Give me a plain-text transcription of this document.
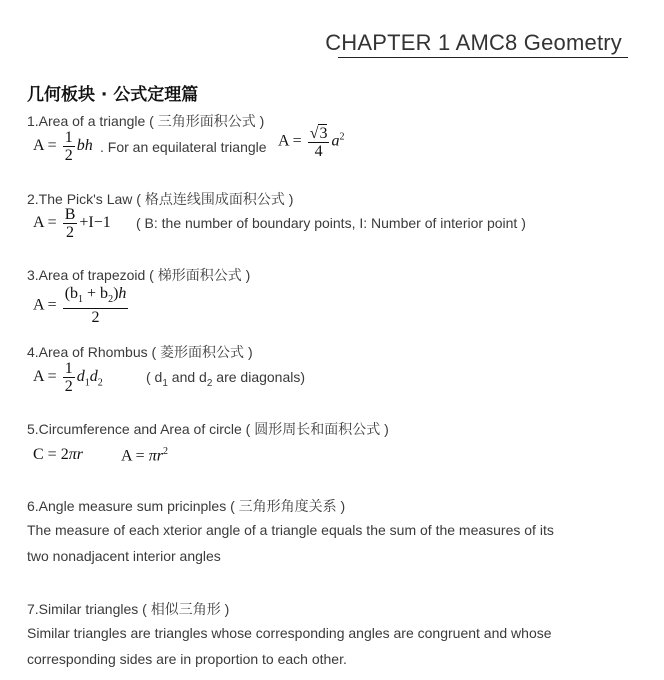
CHAPTER 1 AMC8 Geometry
几何板块 · 公式定理篇
1.Area of a triangle ( 三角形面积公式 )
$A = \frac{1}{2}$ bh . For an equilateral triangle $A = \frac{√3}{4} a^2$
2.The Pick's Law ( 格点连线围成面积公式 )
$A = \frac{B}{2} +I-1$ ( B: the number of boundary points, I: Number of interior point )
3.Area of trapezoid ( 梯形面积公式 )
$A = \frac{(b_1 + b_2)h}{2}$
4.Area of Rhombus ( 菱形面积公式 )
$A = \frac{1}{2} d_1d_2$	( $d_1$ and $d_2$ are diagonals)
5.Circumference and Area of circle ( 圆形周长和面积公式 )
C = 2πr $A = \pi r^2$
6.Angle measure sum pricinples ( 三角形角度关系 )
The measure of each xterior angle of a triangle equals the sum of the measures of its
two nonadjacent interior angles
7.Similar triangles ( 相似三角形 )
Similar triangles are triangles whose corresponding angles are congruent and whose
corresponding sides are in proportion to each other.
